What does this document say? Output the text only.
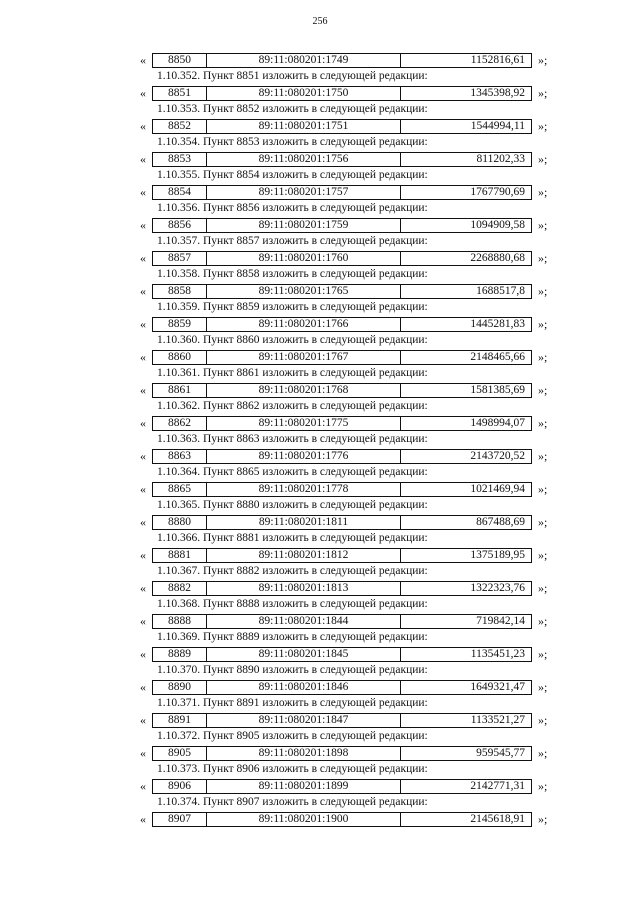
256
«	8850	89:11:080201:1749	1152816,61	»;
1.10.352. Пункт 8851 изложить в следующей редакции:
«	8851	89:11:080201:1750	1345398,92	»;
1.10.353. Пункт 8852 изложить в следующей редакции:
«	8852	89:11:080201:1751	1544994,11	»;
1.10.354. Пункт 8853 изложить в следующей редакции:
«	8853	89:11:080201:1756	811202,33	»;
1.10.355. Пункт 8854 изложить в следующей редакции:
«	8854	89:11:080201:1757	1767790,69	»;
1.10.356. Пункт 8856 изложить в следующей редакции:
«	8856	89:11:080201:1759	1094909,58	»;
1.10.357. Пункт 8857 изложить в следующей редакции:
«	8857	89:11:080201:1760	2268880,68	»;
1.10.358. Пункт 8858 изложить в следующей редакции:
«	8858	89:11:080201:1765	1688517,8	»;
1.10.359. Пункт 8859 изложить в следующей редакции:
«	8859	89:11:080201:1766	1445281,83	»;
1.10.360. Пункт 8860 изложить в следующей редакции:
«	8860	89:11:080201:1767	2148465,66	»;
1.10.361. Пункт 8861 изложить в следующей редакции:
«	8861	89:11:080201:1768	1581385,69	»;
1.10.362. Пункт 8862 изложить в следующей редакции:
«	8862	89:11:080201:1775	1498994,07	»;
1.10.363. Пункт 8863 изложить в следующей редакции:
«	8863	89:11:080201:1776	2143720,52	»;
1.10.364. Пункт 8865 изложить в следующей редакции:
«	8865	89:11:080201:1778	1021469,94	»;
1.10.365. Пункт 8880 изложить в следующей редакции:
«	8880	89:11:080201:1811	867488,69	»;
1.10.366. Пункт 8881 изложить в следующей редакции:
«	8881	89:11:080201:1812	1375189,95	»;
1.10.367. Пункт 8882 изложить в следующей редакции:
«	8882	89:11:080201:1813	1322323,76	»;
1.10.368. Пункт 8888 изложить в следующей редакции:
«	8888	89:11:080201:1844	719842,14	»;
1.10.369. Пункт 8889 изложить в следующей редакции:
«	8889	89:11:080201:1845	1135451,23	»;
1.10.370. Пункт 8890 изложить в следующей редакции:
«	8890	89:11:080201:1846	1649321,47	»;
1.10.371. Пункт 8891 изложить в следующей редакции:
«	8891	89:11:080201:1847	1133521,27	»;
1.10.372. Пункт 8905 изложить в следующей редакции:
«	8905	89:11:080201:1898	959545,77	»;
1.10.373. Пункт 8906 изложить в следующей редакции:
«	8906	89:11:080201:1899	2142771,31	»;
1.10.374. Пункт 8907 изложить в следующей редакции:
«	8907	89:11:080201:1900	2145618,91	»;
